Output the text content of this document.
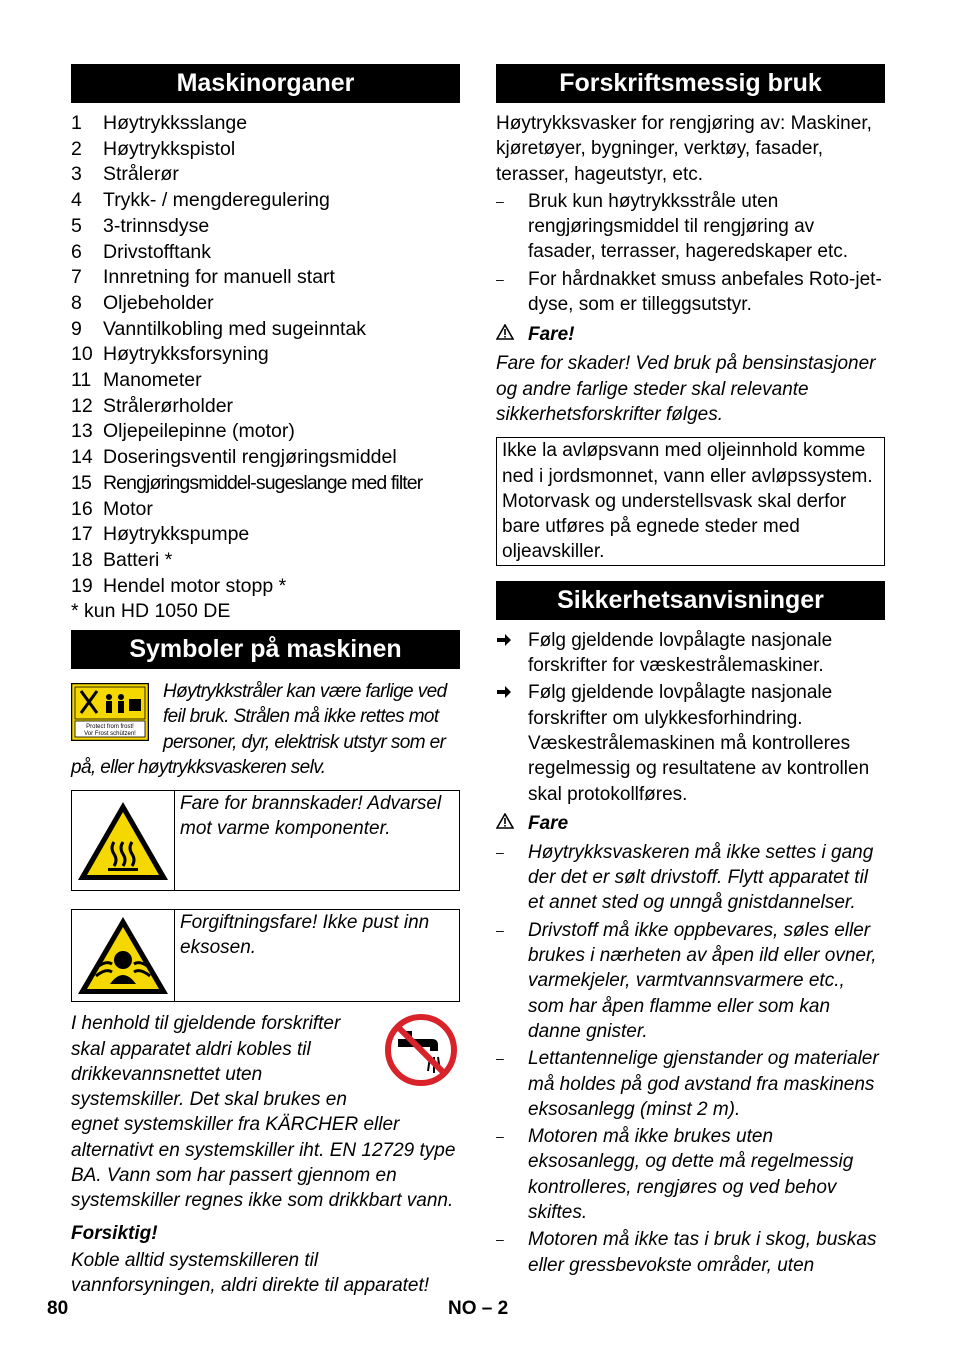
Maskinorganer
1	Høytrykksslange
2	Høytrykkspistol
3	Strålerør
4	Trykk- / mengderegulering
5	3-trinnsdyse
6	Drivstofftank
7	Innretning for manuell start
8	Oljebeholder
9	Vanntilkobling med sugeinntak
10 Høytrykksforsyning
11 Manometer
12 Strålerørholder
13 Oljepeilepinne (motor)
14 Doseringsventil rengjøringsmiddel
15 Rengjøringsmiddel-sugeslange med filter
16 Motor
17 Høytrykkspumpe
18 Batteri *
19 Hendel motor stopp *
* kun HD 1050 DE
Symboler på maskinen
Protect from frost!
Vor Frost schützen!
Høytrykkstråler kan være farlige ved feil bruk. Strålen må ikke rettes mot personer, dyr, elektrisk utstyr som er på, eller høytrykksvaskeren selv.
Fare for brannskader! Advarsel mot varme komponenter.
Forgiftningsfare! Ikke pust inn eksosen.
I henhold til gjeldende forskrifter skal apparatet aldri kobles til drikkevannsnettet uten systemskiller. Det skal brukes en egnet systemskiller fra KÄRCHER eller alternativt en systemskiller iht. EN 12729 type BA. Vann som har passert gjennom en systemskiller regnes ikke som drikkbart vann.
Forsiktig!
Koble alltid systemskilleren til vannforsyningen, aldri direkte til apparatet!
Forskriftsmessig bruk
Høytrykksvasker for rengjøring av: Maskiner, kjøretøyer, bygninger, verktøy, fasader, terasser, hageutstyr, etc.
–	Bruk kun høytrykksstråle uten rengjøringsmiddel til rengjøring av fasader, terrasser, hageredskaper etc.
–	For hårdnakket smuss anbefales Roto-jet-dyse, som er tilleggsutstyr.
Fare!
Fare for skader! Ved bruk på bensinstasjoner og andre farlige steder skal relevante sikkerhetsforskrifter følges.
Ikke la avløpsvann med oljeinnhold komme ned i jordsmonnet, vann eller avløpssystem. Motorvask og understellsvask skal derfor bare utføres på egnede steder med oljeavskiller.
Sikkerhetsanvisninger
Følg gjeldende lovpålagte nasjonale forskrifter for væskestrålemaskiner.
Følg gjeldende lovpålagte nasjonale forskrifter om ulykkesforhindring. Væskestrålemaskinen må kontrolleres regelmessig og resultatene av kontrollen skal protokollføres.
Fare
–	Høytrykksvaskeren må ikke settes i gang der det er sølt drivstoff. Flytt apparatet til et annet sted og unngå gnistdannelser.
–	Drivstoff må ikke oppbevares, søles eller brukes i nærheten av åpen ild eller ovner, varmekjeler, varmtvannsvarmere etc., som har åpen flamme eller som kan danne gnister.
–	Lettantennelige gjenstander og materialer må holdes på god avstand fra maskinens eksosanlegg (minst 2 m).
–	Motoren må ikke brukes uten eksosanlegg, og dette må regelmessig kontrolleres, rengjøres og ved behov skiftes.
–	Motoren må ikke tas i bruk i skog, buskas eller gressbevokste områder, uten
80	NO – 2
